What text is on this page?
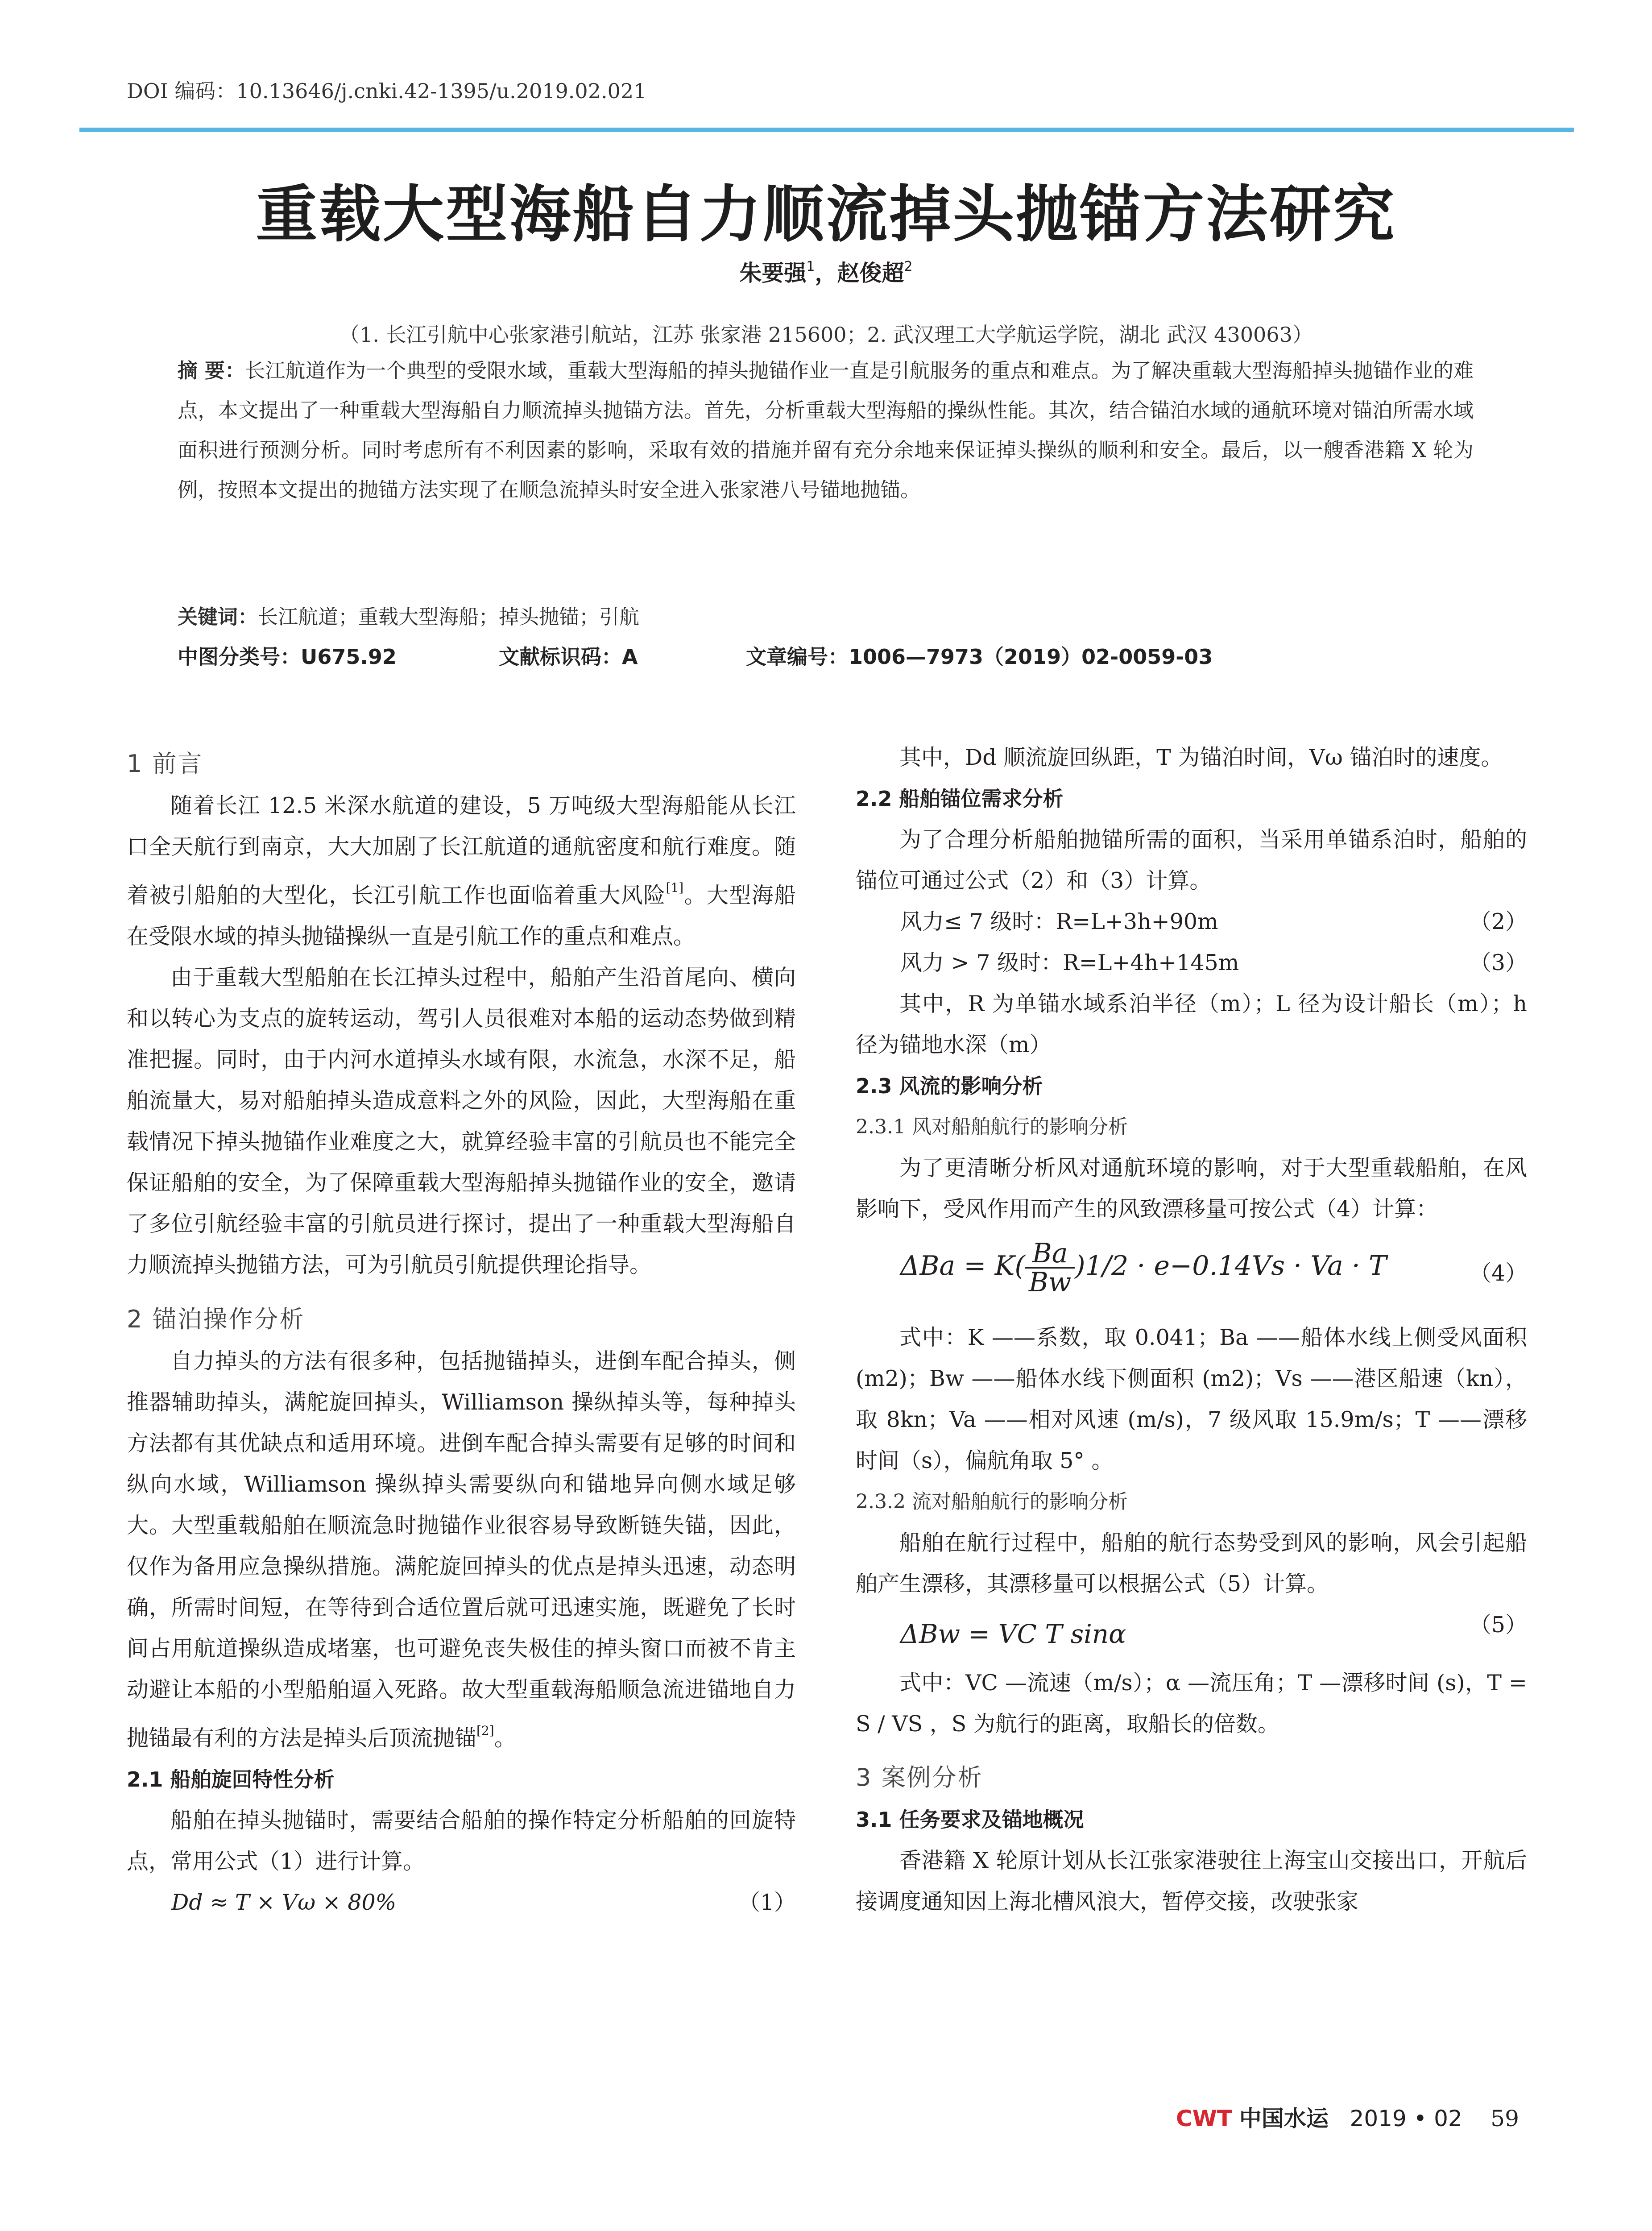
DOI 编码：10.13646/j.cnki.42-1395/u.2019.02.021
重载大型海船自力顺流掉头抛锚方法研究
朱要强$^1$，赵俊超$^2$
（1. 长江引航中心张家港引航站，江苏 张家港 215600；2. 武汉理工大学航运学院，湖北 武汉 430063）
摘 要：长江航道作为一个典型的受限水域，重载大型海船的掉头抛锚作业一直是引航服务的重点和难点。为了解决重载大型海船掉头抛锚作业的难点，本文提出了一种重载大型海船自力顺流掉头抛锚方法。首先，分析重载大型海船的操纵性能。其次，结合锚泊水域的通航环境对锚泊所需水域面积进行预测分析。同时考虑所有不利因素的影响，采取有效的措施并留有充分余地来保证掉头操纵的顺利和安全。最后，以一艘香港籍 X 轮为例，按照本文提出的抛锚方法实现了在顺急流掉头时安全进入张家港八号锚地抛锚。
关键词：长江航道；重载大型海船；掉头抛锚；引航
中图分类号：U675.92	文献标识码：A	文章编号：1006—7973（2019）02-0059-03
1 前言

随着长江 12.5 米深水航道的建设，5 万吨级大型海船能从长江口全天航行到南京，大大加剧了长江航道的通航密度和航行难度。随着被引船舶的大型化，长江引航工作也面临着重大风险[1]。大型海船在受限水域的掉头抛锚操纵一直是引航工作的重点和难点。

由于重载大型船舶在长江掉头过程中，船舶产生沿首尾向、横向和以转心为支点的旋转运动，驾引人员很难对本船的运动态势做到精准把握。同时，由于内河水道掉头水域有限，水流急，水深不足，船舶流量大，易对船舶掉头造成意料之外的风险，因此，大型海船在重载情况下掉头抛锚作业难度之大，就算经验丰富的引航员也不能完全保证船舶的安全，为了保障重载大型海船掉头抛锚作业的安全，邀请了多位引航经验丰富的引航员进行探讨，提出了一种重载大型海船自力顺流掉头抛锚方法，可为引航员引航提供理论指导。

2 锚泊操作分析

自力掉头的方法有很多种，包括抛锚掉头，进倒车配合掉头，侧推器辅助掉头，满舵旋回掉头，Williamson 操纵掉头等，每种掉头方法都有其优缺点和适用环境。进倒车配合掉头需要有足够的时间和纵向水域，Williamson 操纵掉头需要纵向和锚地异向侧水域足够大。大型重载船舶在顺流急时抛锚作业很容易导致断链失锚，因此，仅作为备用应急操纵措施。满舵旋回掉头的优点是掉头迅速，动态明确，所需时间短，在等待到合适位置后就可迅速实施，既避免了长时间占用航道操纵造成堵塞，也可避免丧失极佳的掉头窗口而被不肯主动避让本船的小型船舶逼入死路。故大型重载海船顺急流进锚地自力抛锚最有利的方法是掉头后顶流抛锚[2]。

2.1 船舶旋回特性分析

船舶在掉头抛锚时，需要结合船舶的操作特定分析船舶的回旋特点，常用公式（1）进行计算。

Dd ≈ T × Vω × 80%	（1）

其中，Dd 顺流旋回纵距，T 为锚泊时间，Vω 锚泊时的速度。

2.2 船舶锚位需求分析

为了合理分析船舶抛锚所需的面积，当采用单锚系泊时，船舶的锚位可通过公式（2）和（3）计算。

风力≤ 7 级时：R=L+3h+90m	（2）
风力 > 7 级时：R=L+4h+145m	（3）

其中，R 为单锚水域系泊半径（m）；L 径为设计船长（m）；h 径为锚地水深（m）

2.3 风流的影响分析
2.3.1 风对船舶航行的影响分析

为了更清晰分析风对通航环境的影响，对于大型重载船舶，在风影响下，受风作用而产生的风致漂移量可按公式（4）计算：

$\Delta Ba = K( \frac{Ba}{Bw} )1/2 \cdot e-0.14Vs \cdot Va \cdot T$	（4）

式中：K ——系数，取 0.041；Ba ——船体水线上侧受风面积 (m2)；Bw ——船体水线下侧面积 (m2)；Vs ——港区船速（kn），取 8kn；Va ——相对风速 (m/s)，7 级风取 15.9m/s；T ——漂移时间（s），偏航角取 5° 。

2.3.2 流对船舶航行的影响分析

船舶在航行过程中，船舶的航行态势受到风的影响，风会引起船舶产生漂移，其漂移量可以根据公式（5）计算。

ΔBw = VC T sinα	（5）

式中：VC —流速（m/s）；α —流压角；T —漂移时间 (s)，T = S / VS ，S 为航行的距离，取船长的倍数。

3 案例分析
3.1 任务要求及锚地概况

香港籍 X 轮原计划从长江张家港驶往上海宝山交接出口，开航后接调度通知因上海北槽风浪大，暂停交接，改驶张家

CWT 中国水运 2019 • 02 59
